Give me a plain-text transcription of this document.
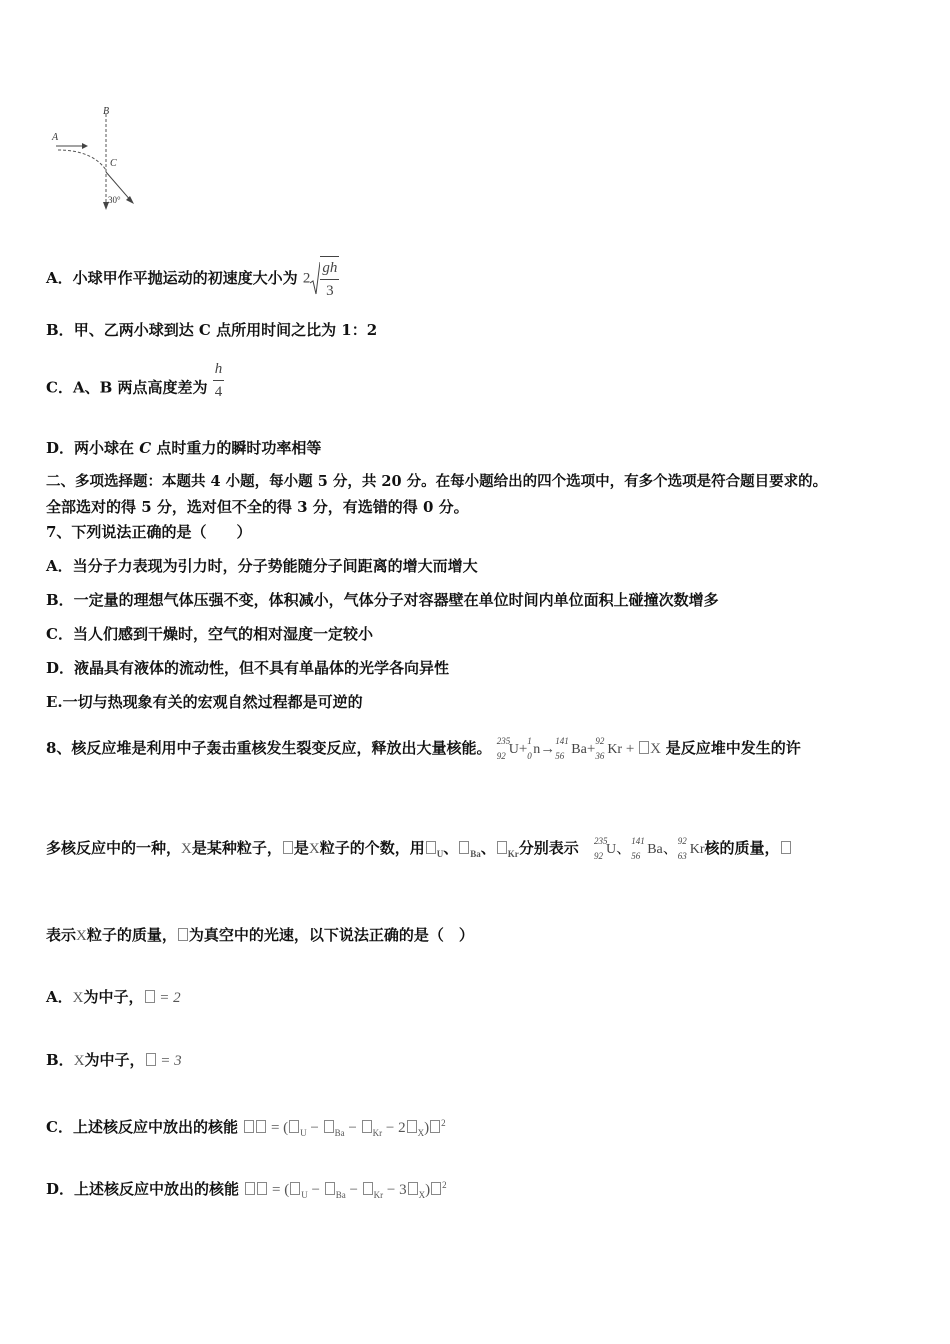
A
B
C
30°
A．小球甲作平抛运动的初速度大小为 $2 \frac{gh}{3}$
B．甲、乙两小球到达 C 点所用时间之比为 1：2
C．A、B 两点高度差为 $\frac{h}{4}$
D．两小球在 C 点时重力的瞬时功率相等
二、多项选择题：本题共 4 小题，每小题 5 分，共 20 分。在每小题给出的四个选项中，有多个选项是符合题目要求的。
全部选对的得 5 分，选对但不全的得 3 分，有选错的得 0 分。
7、下列说法正确的是（　　）
A．当分子力表现为引力时，分子势能随分子间距离的增大而增大
B．一定量的理想气体压强不变，体积减小，气体分子对容器壁在单位时间内单位面积上碰撞次数增多
C．当人们感到干燥时，空气的相对湿度一定较小
D．液晶具有液体的流动性，但不具有单晶体的光学各向异性
E.一切与热现象有关的宏观自然过程都是可逆的
8、核反应堆是利用中子轰击重核发生裂变反应，释放出大量核能。 235
92 U+ 1
0 n→ 141
56 Ba+ 92
36 Kr + X 是反应堆中发生的许
多核反应中的一种，X是某种粒子， 是X粒子的个数，用 $_U$、 $_{Ba}$、 $_{Kr}$分别表示 235
92 U、 141
56 Ba、 92
63 Kr核的质量，
表示X粒子的质量， 为真空中的光速，以下说法正确的是（　）
A．X为中子， = 2
B．X为中子， = 3
C．上述核反应中放出的核能  = ( $_U$ − $_{Ba}$ − $_{Kr}$ − 2 $_X$) $^2$
D．上述核反应中放出的核能  = ( $_U$ − $_{Ba}$ − $_{Kr}$ − 3 $_X$) $^2$
